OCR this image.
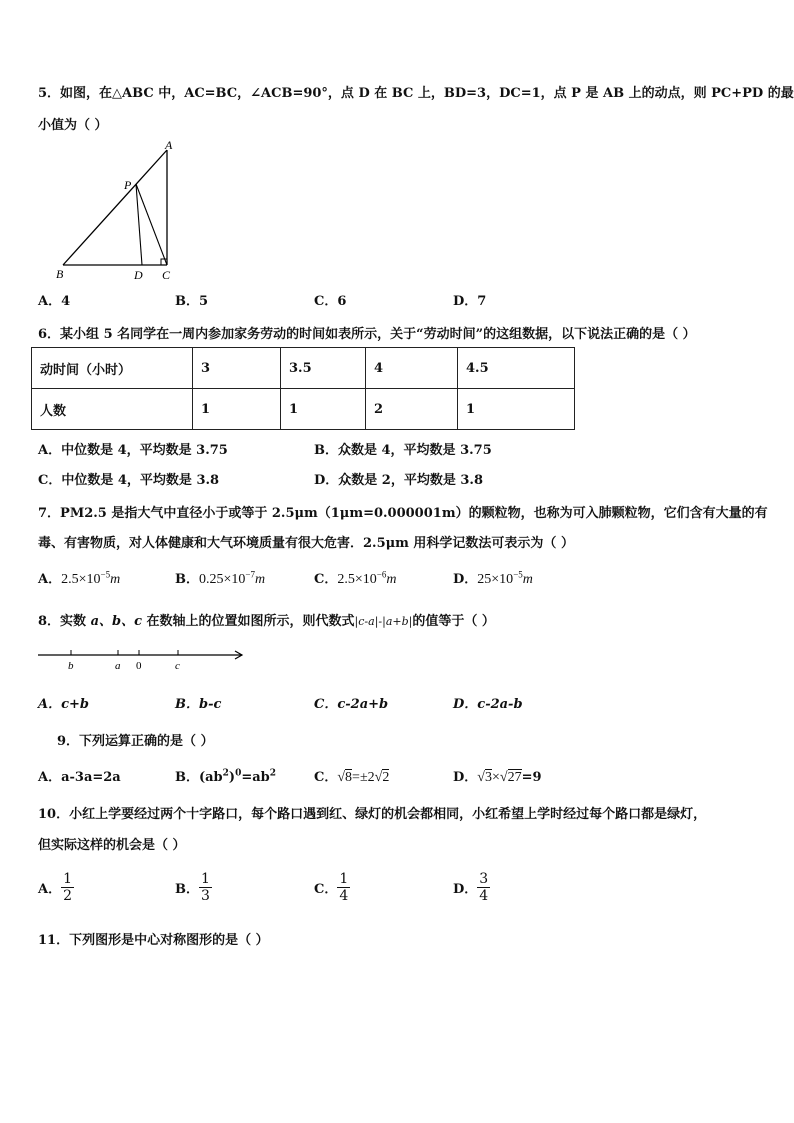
5．如图，在△ABC 中，AC=BC，∠ACB=90°，点 D 在 BC 上，BD=3，DC=1，点 P 是 AB 上的动点，则 PC+PD 的最
小值为（ ）
A
P
B	D C
A．4	B．5	C．6	D．7
6．某小组 5 名同学在一周内参加家务劳动的时间如表所示，关于“劳动时间”的这组数据，以下说法正确的是（ ）
动时间（小时）	3	3.5	4	4.5
人数	1	1	2	1
A．中位数是 4，平均数是 3.75	B．众数是 4，平均数是 3.75
C．中位数是 4，平均数是 3.8	D．众数是 2，平均数是 3.8
7．PM2.5 是指大气中直径小于或等于 2.5μm（1μm=0.000001m）的颗粒物，也称为可入肺颗粒物，它们含有大量的有
毒、有害物质，对人体健康和大气环境质量有很大危害．2.5μm 用科学记数法可表示为（ ）
A．$2.5\times 10^{-5}m$	B．$0.25\times 10^{-7}m$	C．$2.5\times 10^{-6}m$	D．$25\times 10^{-5}m$
8．实数 a、b、c 在数轴上的位置如图所示，则代数式|c-a|-|a+b|的值等于（ ）
b	a 0	c
A．c+b	B．b-c	C．c-2a+b	D．c-2a-b
9．下列运算正确的是（ ）
A．a-3a=2a	B．$(ab^2)^0=ab^2$	C．√8=±2√2	D．√3×√27=9
10．小红上学要经过两个十字路口，每个路口遇到红、绿灯的机会都相同，小红希望上学时经过每个路口都是绿灯，
但实际这样的机会是（ ）
A． $\frac{1}{2}$	B． $\frac{1}{3}$	C． $\frac{1}{4}$	D． $\frac{3}{4}$
11．下列图形是中心对称图形的是（ ）
